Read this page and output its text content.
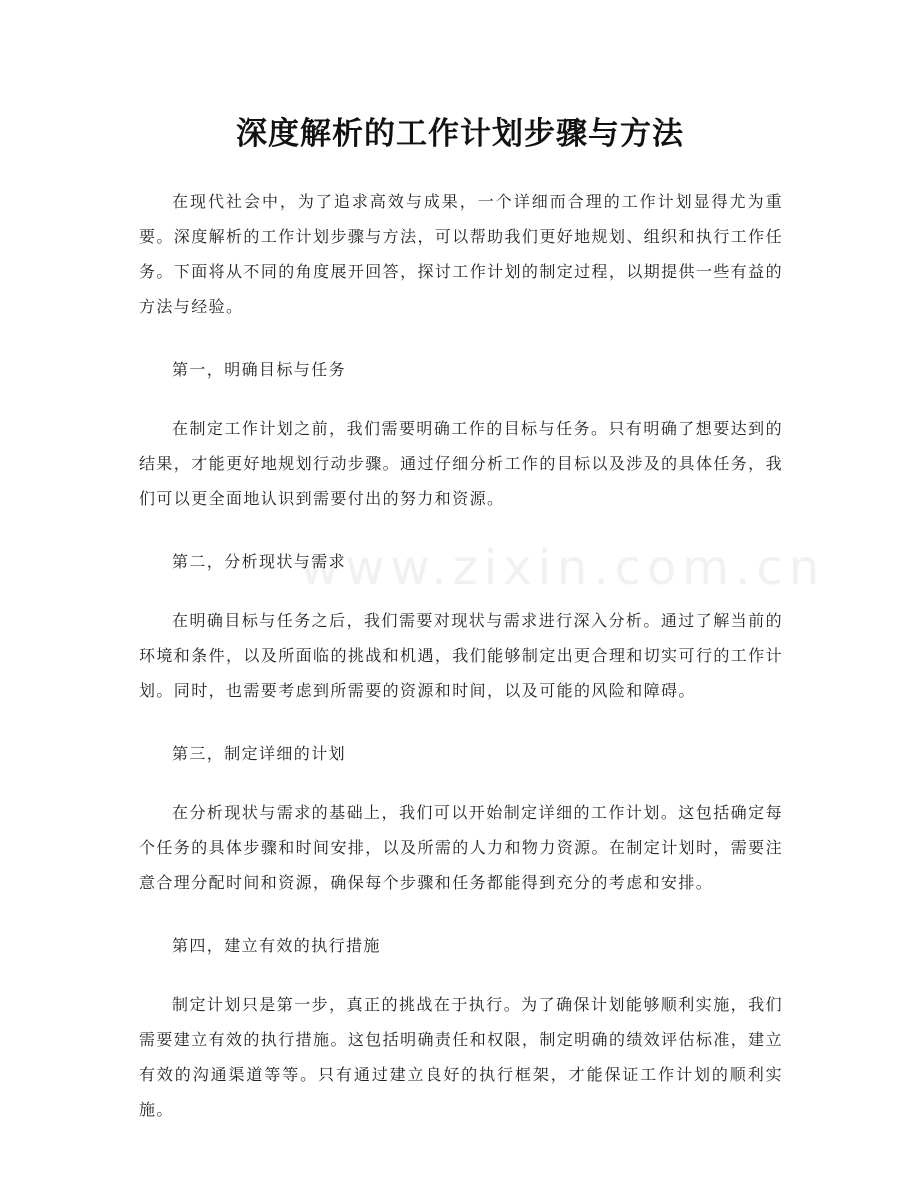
深度解析的工作计划步骤与方法
www.zixin.com.cn

在现代社会中，为了追求高效与成果，一个详细而合理的工作计划显得尤为重要。深度解析的工作计划步骤与方法，可以帮助我们更好地规划、组织和执行工作任务。下面将从不同的角度展开回答，探讨工作计划的制定过程，以期提供一些有益的方法与经验。

第一，明确目标与任务

在制定工作计划之前，我们需要明确工作的目标与任务。只有明确了想要达到的结果，才能更好地规划行动步骤。通过仔细分析工作的目标以及涉及的具体任务，我们可以更全面地认识到需要付出的努力和资源。

第二，分析现状与需求

在明确目标与任务之后，我们需要对现状与需求进行深入分析。通过了解当前的环境和条件，以及所面临的挑战和机遇，我们能够制定出更合理和切实可行的工作计划。同时，也需要考虑到所需要的资源和时间，以及可能的风险和障碍。

第三，制定详细的计划

在分析现状与需求的基础上，我们可以开始制定详细的工作计划。这包括确定每个任务的具体步骤和时间安排，以及所需的人力和物力资源。在制定计划时，需要注意合理分配时间和资源，确保每个步骤和任务都能得到充分的考虑和安排。

第四，建立有效的执行措施

制定计划只是第一步，真正的挑战在于执行。为了确保计划能够顺利实施，我们需要建立有效的执行措施。这包括明确责任和权限，制定明确的绩效评估标准，建立有效的沟通渠道等等。只有通过建立良好的执行框架，才能保证工作计划的顺利实施。
